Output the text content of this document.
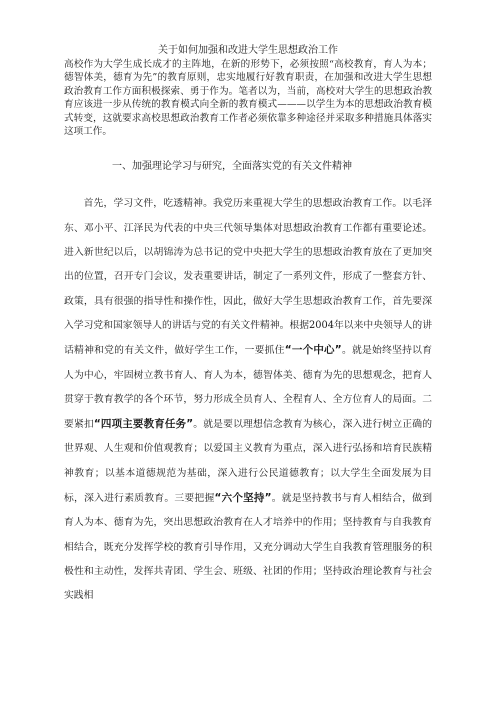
关于如何加强和改进大学生思想政治工作

高校作为大学生成长成才的主阵地，在新的形势下，必须按照“高校教育，育人为本；德智体美，德育为先”的教育原则，忠实地履行好教育职责，在加强和改进大学生思想政治教育工作方面积极探索、勇于作为。笔者以为，当前，高校对大学生的思想政治教育应该进一步从传统的教育模式向全新的教育模式———以学生为本的思想政治教育模式转变，这就要求高校思想政治教育工作者必须依靠多种途径并采取多种措施具体落实这项工作。

一、加强理论学习与研究，全面落实党的有关文件精神

首先，学习文件，吃透精神。我党历来重视大学生的思想政治教育工作。以毛泽东、邓小平、江泽民为代表的中央三代领导集体对思想政治教育工作都有重要论述。进入新世纪以后，以胡锦涛为总书记的党中央把大学生的思想政治教育放在了更加突出的位置，召开专门会议，发表重要讲话，制定了一系列文件，形成了一整套方针、政策，具有很强的指导性和操作性，因此，做好大学生思想政治教育工作，首先要深入学习党和国家领导人的讲话与党的有关文件精神。根据2004年以来中央领导人的讲话精神和党的有关文件，做好学生工作，一要抓住“一个中心”。就是始终坚持以育人为中心，牢固树立教书育人、育人为本，德智体美、德育为先的思想观念，把育人贯穿于教育教学的各个环节，努力形成全员育人、全程育人、全方位育人的局面。二要紧扣“四项主要教育任务”。就是要以理想信念教育为核心，深入进行树立正确的世界观、人生观和价值观教育；以爱国主义教育为重点，深入进行弘扬和培育民族精神教育；以基本道德规范为基础，深入进行公民道德教育；以大学生全面发展为目标，深入进行素质教育。三要把握“六个坚持”。就是坚持教书与育人相结合，做到育人为本、德育为先，突出思想政治教育在人才培养中的作用；坚持教育与自我教育相结合，既充分发挥学校的教育引导作用，又充分调动大学生自我教育管理服务的积极性和主动性，发挥共青团、学生会、班级、社团的作用；坚持政治理论教育与社会实践相
